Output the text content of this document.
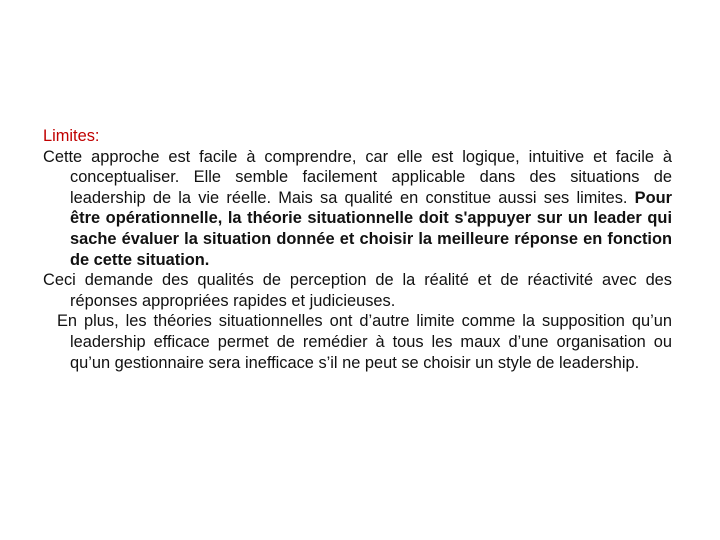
Limites:

Cette approche est facile à comprendre, car elle est logique, intuitive et facile à conceptualiser. Elle semble facilement applicable dans des situations de leadership de la vie réelle. Mais sa qualité en constitue aussi ses limites. Pour être opérationnelle, la théorie situationnelle doit s'appuyer sur un leader qui sache évaluer la situation donnée et choisir la meilleure réponse en fonction de cette situation.

Ceci demande des qualités de perception de la réalité et de réactivité avec des réponses appropriées rapides et judicieuses.

En plus, les théories situationnelles ont d’autre limite comme la supposition qu’un leadership efficace permet de remédier à tous les maux d’une organisation ou qu’un gestionnaire sera inefficace s’il ne peut se choisir un style de leadership.
